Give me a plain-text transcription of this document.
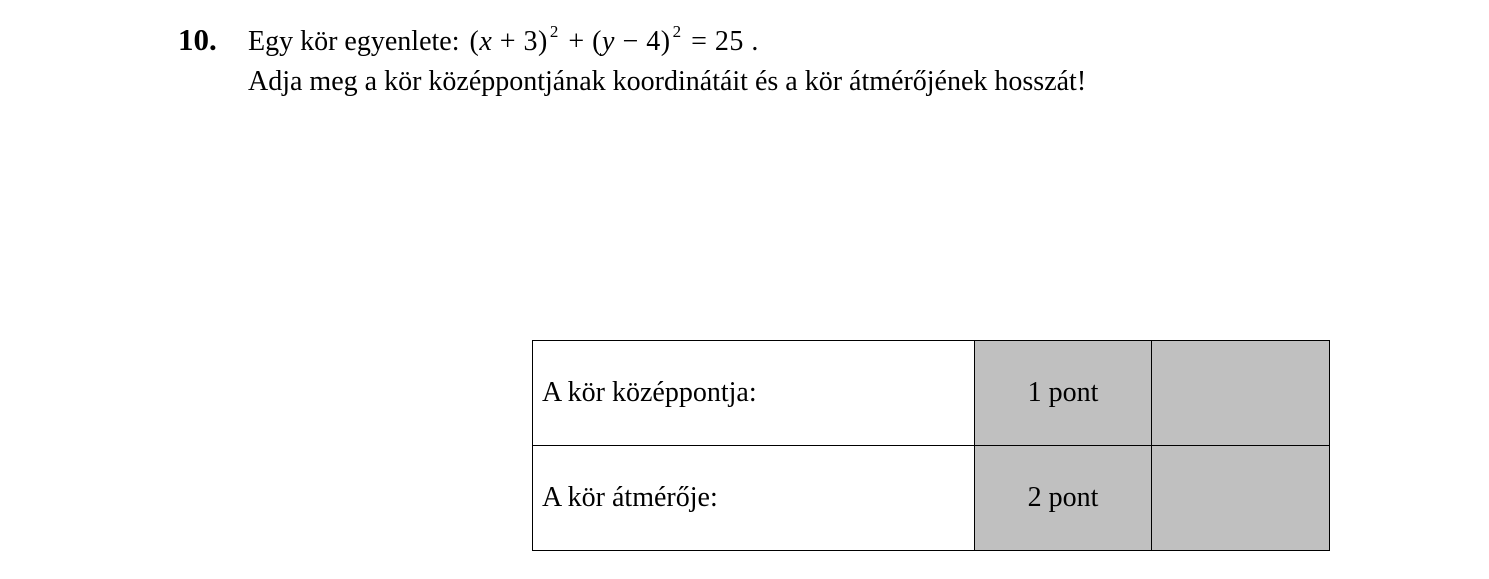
10. Egy kör egyenlete: (x + 3) $^2$ + (y − 4) $^2$ = 25 .
Adja meg a kör középpontjának koordinátáit és a kör átmérőjének hosszát!
A kör középpontja:	1 pont	
A kör átmérője:	2 pont	
